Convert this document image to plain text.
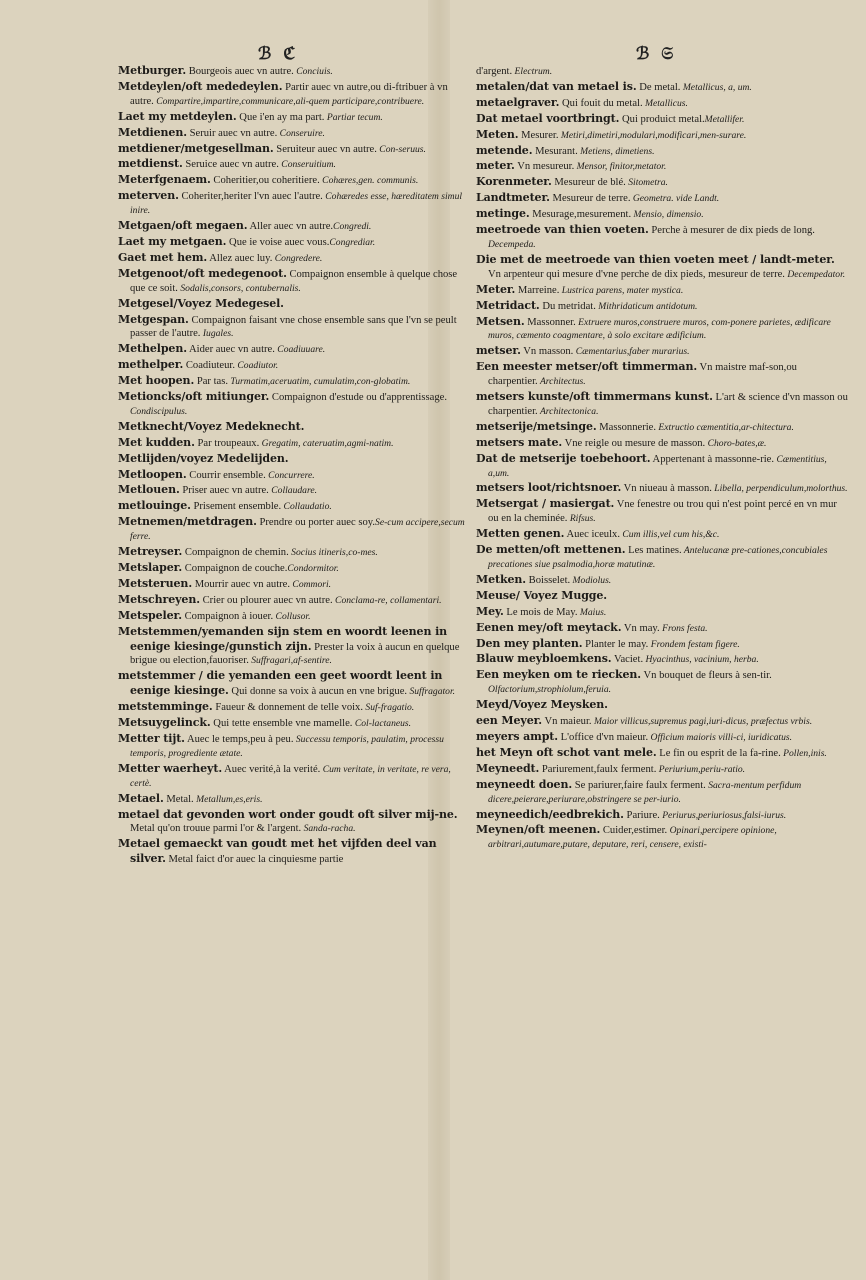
ℬ ℭ	ℬ 𝔖

Metburger. Bourgeois auec vn autre. Conciuis.

Metdeylen/oft mededeylen. Partir auec vn autre,ou di-ftribuer à vn autre. Compartire,impartire,communicare,ali-quem participare,contribuere.

Laet my metdeylen. Que i'en ay ma part. Partiar tecum.

Metdienen. Seruir auec vn autre. Conseruire.

metdiener/metgesellman. Seruiteur auec vn autre. Con-seruus.

metdienst. Seruice auec vn autre. Conseruitium.

Meterfgenaem. Coheritier,ou coheritiere. Cohæres,gen. communis.

meterven. Coheriter,heriter l'vn auec l'autre. Cohæredes esse, hæreditatem simul inire.

Metgaen/oft megaen. Aller auec vn autre.Congredi.

Laet my metgaen. Que ie voise auec vous.Congrediar.

Gaet met hem. Allez auec luy. Congredere.

Metgenoot/oft medegenoot. Compaignon ensemble à quelque chose que ce soit. Sodalis,consors, contubernalis.

Metgesel/Voyez Medegesel.

Metgespan. Compaignon faisant vne chose ensemble sans que l'vn se peult passer de l'autre. Iugales.

Methelpen. Aider auec vn autre. Coadiuuare.

methelper. Coadiuteur. Coadiutor.

Met hoopen. Par tas. Turmatim,aceruatim, cumulatim,con-globatim.

Metioncks/oft mitiunger. Compaignon d'estude ou d'apprentissage. Condiscipulus.

Metknecht/Voyez Medeknecht.

Met kudden. Par troupeaux. Gregatim, cateruatim,agmi-natim.

Metlijden/voyez Medelijden.

Metloopen. Courrir ensemble. Concurrere.

Metlouen. Priser auec vn autre. Collaudare.

metlouinge. Prisement ensemble. Collaudatio.

Metnemen/metdragen. Prendre ou porter auec soy.Se-cum accipere,secum ferre.

Metreyser. Compaignon de chemin. Socius itineris,co-mes.

Metslaper. Compaignon de couche.Condormitor.

Metsteruen. Mourrir auec vn autre. Commori.

Metschreyen. Crier ou plourer auec vn autre. Conclama-re, collamentari.

Metspeler. Compaignon à iouer. Collusor.

Metstemmen/yemanden sijn stem en woordt leenen in eenige kiesinge/gunstich zijn. Prester la voix à aucun en quelque brigue ou election,fauoriser. Suffragari,af-sentire.

metstemmer / die yemanden een geet woordt leent in eenige kiesinge. Qui donne sa voix à aucun en vne brigue. Suffragator.

metstemminge. Faueur & donnement de telle voix. Suf-fragatio.

Metsuygelinck. Qui tette ensemble vne mamelle. Col-lactaneus.

Metter tijt. Auec le temps,peu à peu. Successu temporis, paulatim, processu temporis, progrediente ætate.

Metter waerheyt. Auec verité,à la verité. Cum veritate, in veritate, re vera, certè.

Metael. Metal. Metallum,es,eris.

metael dat gevonden wort onder goudt oft silver mij-ne. Metal qu'on trouue parmi l'or & l'argent. Sanda-racha.

Metael gemaeckt van goudt met het vijfden deel van silver. Metal faict d'or auec la cinquiesme partie

d'argent. Electrum.

metalen/dat van metael is. De metal. Metallicus, a, um.

metaelgraver. Qui fouit du metal. Metallicus.

Dat metael voortbringt. Qui produict metal.Metallifer.

Meten. Mesurer. Metiri,dimetiri,modulari,modificari,men-surare.

metende. Mesurant. Metiens, dimetiens.

meter. Vn mesureur. Mensor, finitor,metator.

Korenmeter. Mesureur de blé. Sitometra.

Landtmeter. Mesureur de terre. Geometra. vide Landt.

metinge. Mesurage,mesurement. Mensio, dimensio.

meetroede van thien voeten. Perche à mesurer de dix pieds de long. Decempeda.

Die met de meetroede van thien voeten meet / landt-meter. Vn arpenteur qui mesure d'vne perche de dix pieds, mesureur de terre. Decempedator.

Meter. Marreine. Lustrica parens, mater mystica.

Metridact. Du metridat. Mithridaticum antidotum.

Metsen. Massonner. Extruere muros,construere muros, com-ponere parietes, ædificare muros, cæmento coagmentare, à solo excitare ædificium.

metser. Vn masson. Cæmentarius,faber murarius.

Een meester metser/oft timmerman. Vn maistre maf-son,ou charpentier. Architectus.

metsers kunste/oft timmermans kunst. L'art & science d'vn masson ou charpentier. Architectonica.

metserije/metsinge. Massonnerie. Extructio cæmentitia,ar-chitectura.

metsers mate. Vne reigle ou mesure de masson. Choro-bates,æ.

Dat de metserije toebehoort. Appertenant à massonne-rie. Cæmentitius, a,um.

metsers loot/richtsnoer. Vn niueau à masson. Libella, perpendiculum,molorthus.

Metsergat / masiergat. Vne fenestre ou trou qui n'est point percé en vn mur ou en la cheminée. Rifsus.

Metten genen. Auec iceulx. Cum illis,vel cum his,&c.

De metten/oft mettenen. Les matines. Antelucanæ pre-cationes,concubiales precationes siue psalmodia,horæ matutinæ.

Metken. Boisselet. Modiolus.

Meuse/ Voyez Mugge.

Mey. Le mois de May. Maius.

Eenen mey/oft meytack. Vn may. Frons festa.

Den mey planten. Planter le may. Frondem festam figere.

Blauw meybloemkens. Vaciet. Hyacinthus, vacinium, herba.

Een meyken om te riecken. Vn bouquet de fleurs à sen-tir. Olfactorium,strophiolum,feruia.

Meyd/Voyez Meysken.

een Meyer. Vn maieur. Maior villicus,supremus pagi,iuri-dicus, præfectus vrbis.

meyers ampt. L'office d'vn maieur. Officium maioris villi-ci, iuridicatus.

het Meyn oft schot vant mele. Le fin ou esprit de la fa-rine. Pollen,inis.

Meyneedt. Pariurement,faulx ferment. Periurium,periu-ratio.

meyneedt doen. Se pariurer,faire faulx ferment. Sacra-mentum perfidum dicere,peierare,periurare,obstringere se per-iurio.

meyneedich/eedbrekich. Pariure. Periurus,periuriosus,falsi-iurus.

Meynen/oft meenen. Cuider,estimer. Opinari,percipere opinione, arbitrari,autumare,putare, deputare, reri, censere, existi-
